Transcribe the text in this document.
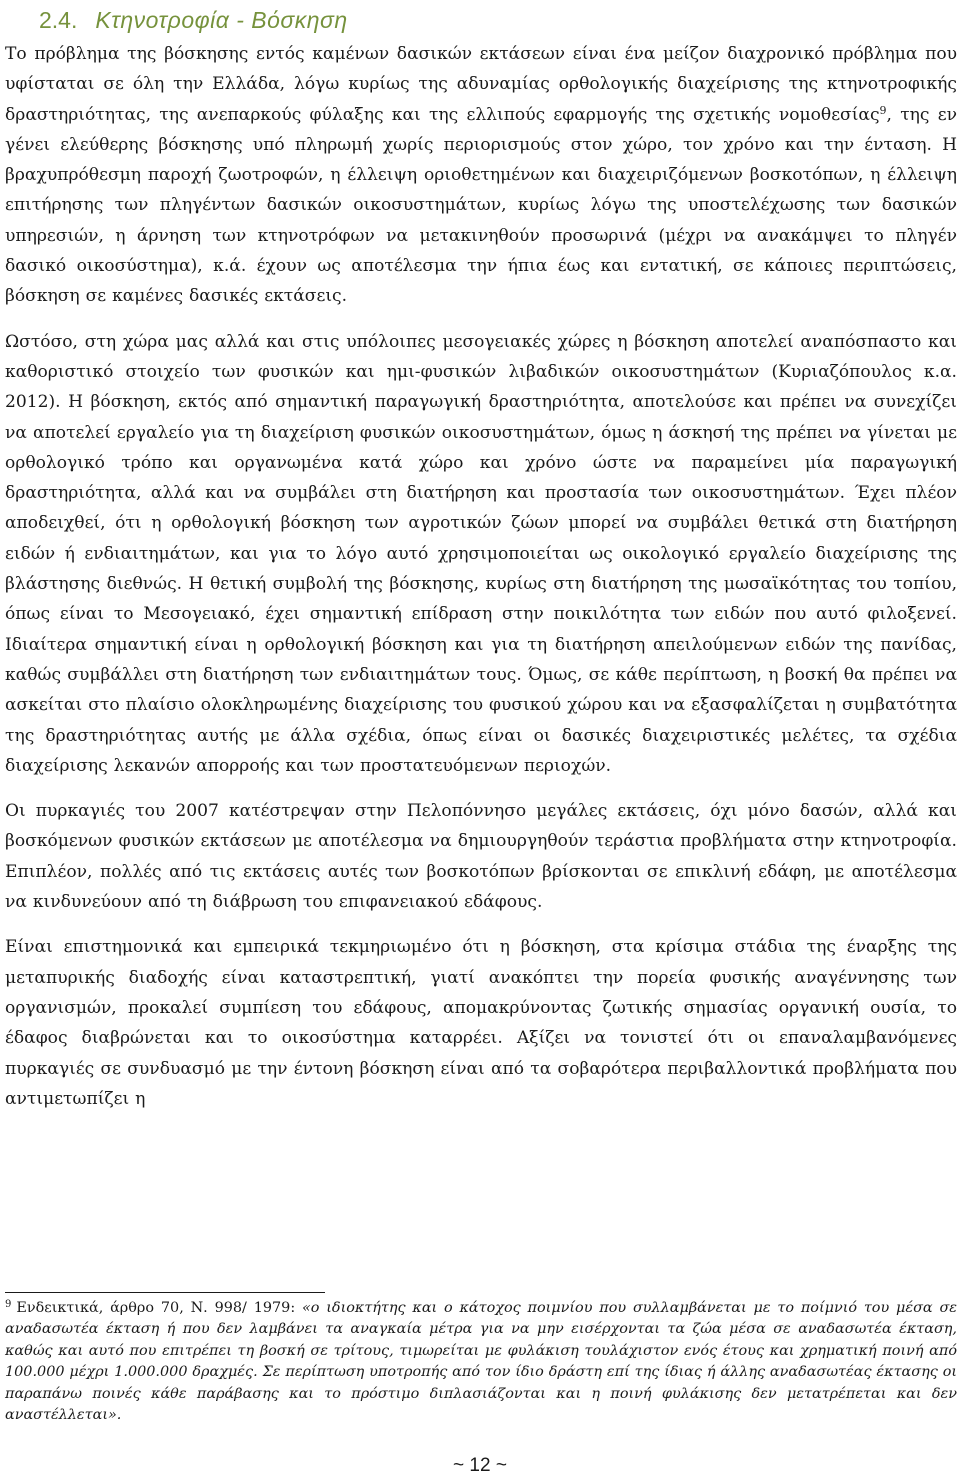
2.4. Κτηνοτροφία - Βόσκηση

Το πρόβλημα της βόσκησης εντός καμένων δασικών εκτάσεων είναι ένα μείζον διαχρονικό πρόβλημα που υφίσταται σε όλη την Ελλάδα, λόγω κυρίως της αδυναμίας ορθολογικής διαχείρισης της κτηνοτροφικής δραστηριότητας, της ανεπαρκούς φύλαξης και της ελλιπούς εφαρμογής της σχετικής νομοθεσίας$^9$, της εν γένει ελεύθερης βόσκησης υπό πληρωμή χωρίς περιορισμούς στον χώρο, τον χρόνο και την ένταση. Η βραχυπρόθεσμη παροχή ζωοτροφών, η έλλειψη οριοθετημένων και διαχειριζόμενων βοσκοτόπων, η έλλειψη επιτήρησης των πληγέντων δασικών οικοσυστημάτων, κυρίως λόγω της υποστελέχωσης των δασικών υπηρεσιών, η άρνηση των κτηνοτρόφων να μετακινηθούν προσωρινά (μέχρι να ανακάμψει το πληγέν δασικό οικοσύστημα), κ.ά. έχουν ως αποτέλεσμα την ήπια έως και εντατική, σε κάποιες περιπτώσεις, βόσκηση σε καμένες δασικές εκτάσεις.

Ωστόσο, στη χώρα μας αλλά και στις υπόλοιπες μεσογειακές χώρες η βόσκηση αποτελεί αναπόσπαστο και καθοριστικό στοιχείο των φυσικών και ημι-φυσικών λιβαδικών οικοσυστημάτων (Κυριαζόπουλος κ.α. 2012). Η βόσκηση, εκτός από σημαντική παραγωγική δραστηριότητα, αποτελούσε και πρέπει να συνεχίζει να αποτελεί εργαλείο για τη διαχείριση φυσικών οικοσυστημάτων, όμως η άσκησή της πρέπει να γίνεται με ορθολογικό τρόπο και οργανωμένα κατά χώρο και χρόνο ώστε να παραμείνει μία παραγωγική δραστηριότητα, αλλά και να συμβάλει στη διατήρηση και προστασία των οικοσυστημάτων. Έχει πλέον αποδειχθεί, ότι η ορθολογική βόσκηση των αγροτικών ζώων μπορεί να συμβάλει θετικά στη διατήρηση ειδών ή ενδιαιτημάτων, και για το λόγο αυτό χρησιμοποιείται ως οικολογικό εργαλείο διαχείρισης της βλάστησης διεθνώς. Η θετική συμβολή της βόσκησης, κυρίως στη διατήρηση της μωσαϊκότητας του τοπίου, όπως είναι το Μεσογειακό, έχει σημαντική επίδραση στην ποικιλότητα των ειδών που αυτό φιλοξενεί. Ιδιαίτερα σημαντική είναι η ορθολογική βόσκηση και για τη διατήρηση απειλούμενων ειδών της πανίδας, καθώς συμβάλλει στη διατήρηση των ενδιαιτημάτων τους. Όμως, σε κάθε περίπτωση, η βοσκή θα πρέπει να ασκείται στο πλαίσιο ολοκληρωμένης διαχείρισης του φυσικού χώρου και να εξασφαλίζεται η συμβατότητα της δραστηριότητας αυτής με άλλα σχέδια, όπως είναι οι δασικές διαχειριστικές μελέτες, τα σχέδια διαχείρισης λεκανών απορροής και των προστατευόμενων περιοχών.

Οι πυρκαγιές του 2007 κατέστρεψαν στην Πελοπόννησο μεγάλες εκτάσεις, όχι μόνο δασών, αλλά και βοσκόμενων φυσικών εκτάσεων με αποτέλεσμα να δημιουργηθούν τεράστια προβλήματα στην κτηνοτροφία. Επιπλέον, πολλές από τις εκτάσεις αυτές των βοσκοτόπων βρίσκονται σε επικλινή εδάφη, με αποτέλεσμα να κινδυνεύουν από τη διάβρωση του επιφανειακού εδάφους.

Είναι επιστημονικά και εμπειρικά τεκμηριωμένο ότι η βόσκηση, στα κρίσιμα στάδια της έναρξης της μεταπυρικής διαδοχής είναι καταστρεπτική, γιατί ανακόπτει την πορεία φυσικής αναγέννησης των οργανισμών, προκαλεί συμπίεση του εδάφους, απομακρύνοντας ζωτικής σημασίας οργανική ουσία, το έδαφος διαβρώνεται και το οικοσύστημα καταρρέει. Αξίζει να τονιστεί ότι οι επαναλαμβανόμενες πυρκαγιές σε συνδυασμό με την έντονη βόσκηση είναι από τα σοβαρότερα περιβαλλοντικά προβλήματα που αντιμετωπίζει η

$^9$ Ενδεικτικά, άρθρο 70, Ν. 998/ 1979: «ο ιδιοκτήτης και ο κάτοχος ποιμνίου που συλλαμβάνεται με το ποίμνιό του μέσα σε αναδασωτέα έκταση ή που δεν λαμβάνει τα αναγκαία μέτρα για να μην εισέρχονται τα ζώα μέσα σε αναδασωτέα έκταση, καθώς και αυτό που επιτρέπει τη βοσκή σε τρίτους, τιμωρείται με φυλάκιση τουλάχιστον ενός έτους και χρηματική ποινή από 100.000 μέχρι 1.000.000 δραχμές. Σε περίπτωση υποτροπής από τον ίδιο δράστη επί της ίδιας ή άλλης αναδασωτέας έκτασης οι παραπάνω ποινές κάθε παράβασης και το πρόστιμο διπλασιάζονται και η ποινή φυλάκισης δεν μετατρέπεται και δεν αναστέλλεται».

~ 12 ~
